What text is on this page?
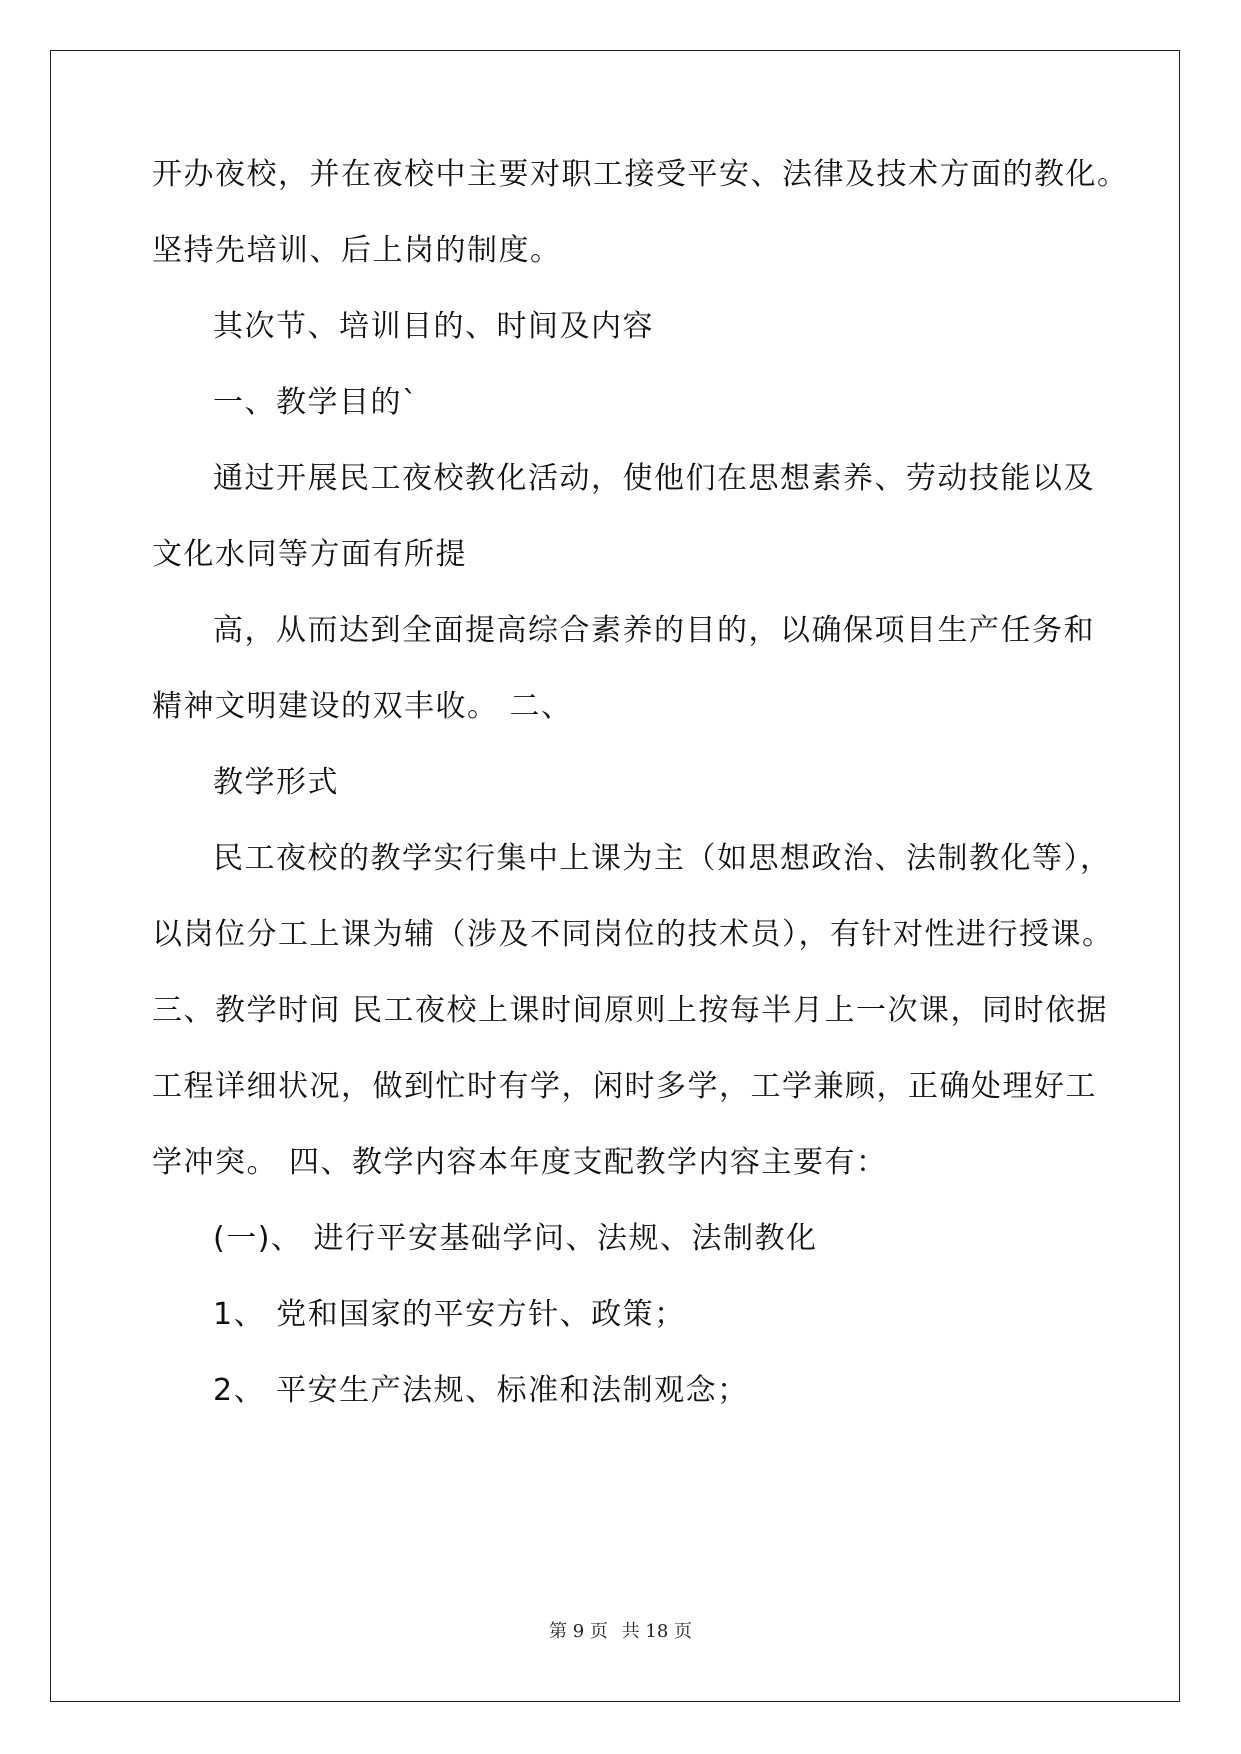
开办夜校，并在夜校中主要对职工接受平安、法律及技术方面的教化。
坚持先培训、后上岗的制度。
其次节、培训目的、时间及内容
一、教学目的`
通过开展民工夜校教化活动，使他们在思想素养、劳动技能以及
文化水同等方面有所提
高，从而达到全面提高综合素养的目的，以确保项目生产任务和
精神文明建设的双丰收。 二、
教学形式
民工夜校的教学实行集中上课为主（如思想政治、法制教化等），
以岗位分工上课为辅（涉及不同岗位的技术员），有针对性进行授课。
三、教学时间 民工夜校上课时间原则上按每半月上一次课，同时依据
工程详细状况，做到忙时有学，闲时多学，工学兼顾，正确处理好工
学冲突。 四、教学内容本年度支配教学内容主要有：
(一)、 进行平安基础学问、法规、法制教化
1、 党和国家的平安方针、政策；
2、 平安生产法规、标准和法制观念；
第 9 页 共 18 页
